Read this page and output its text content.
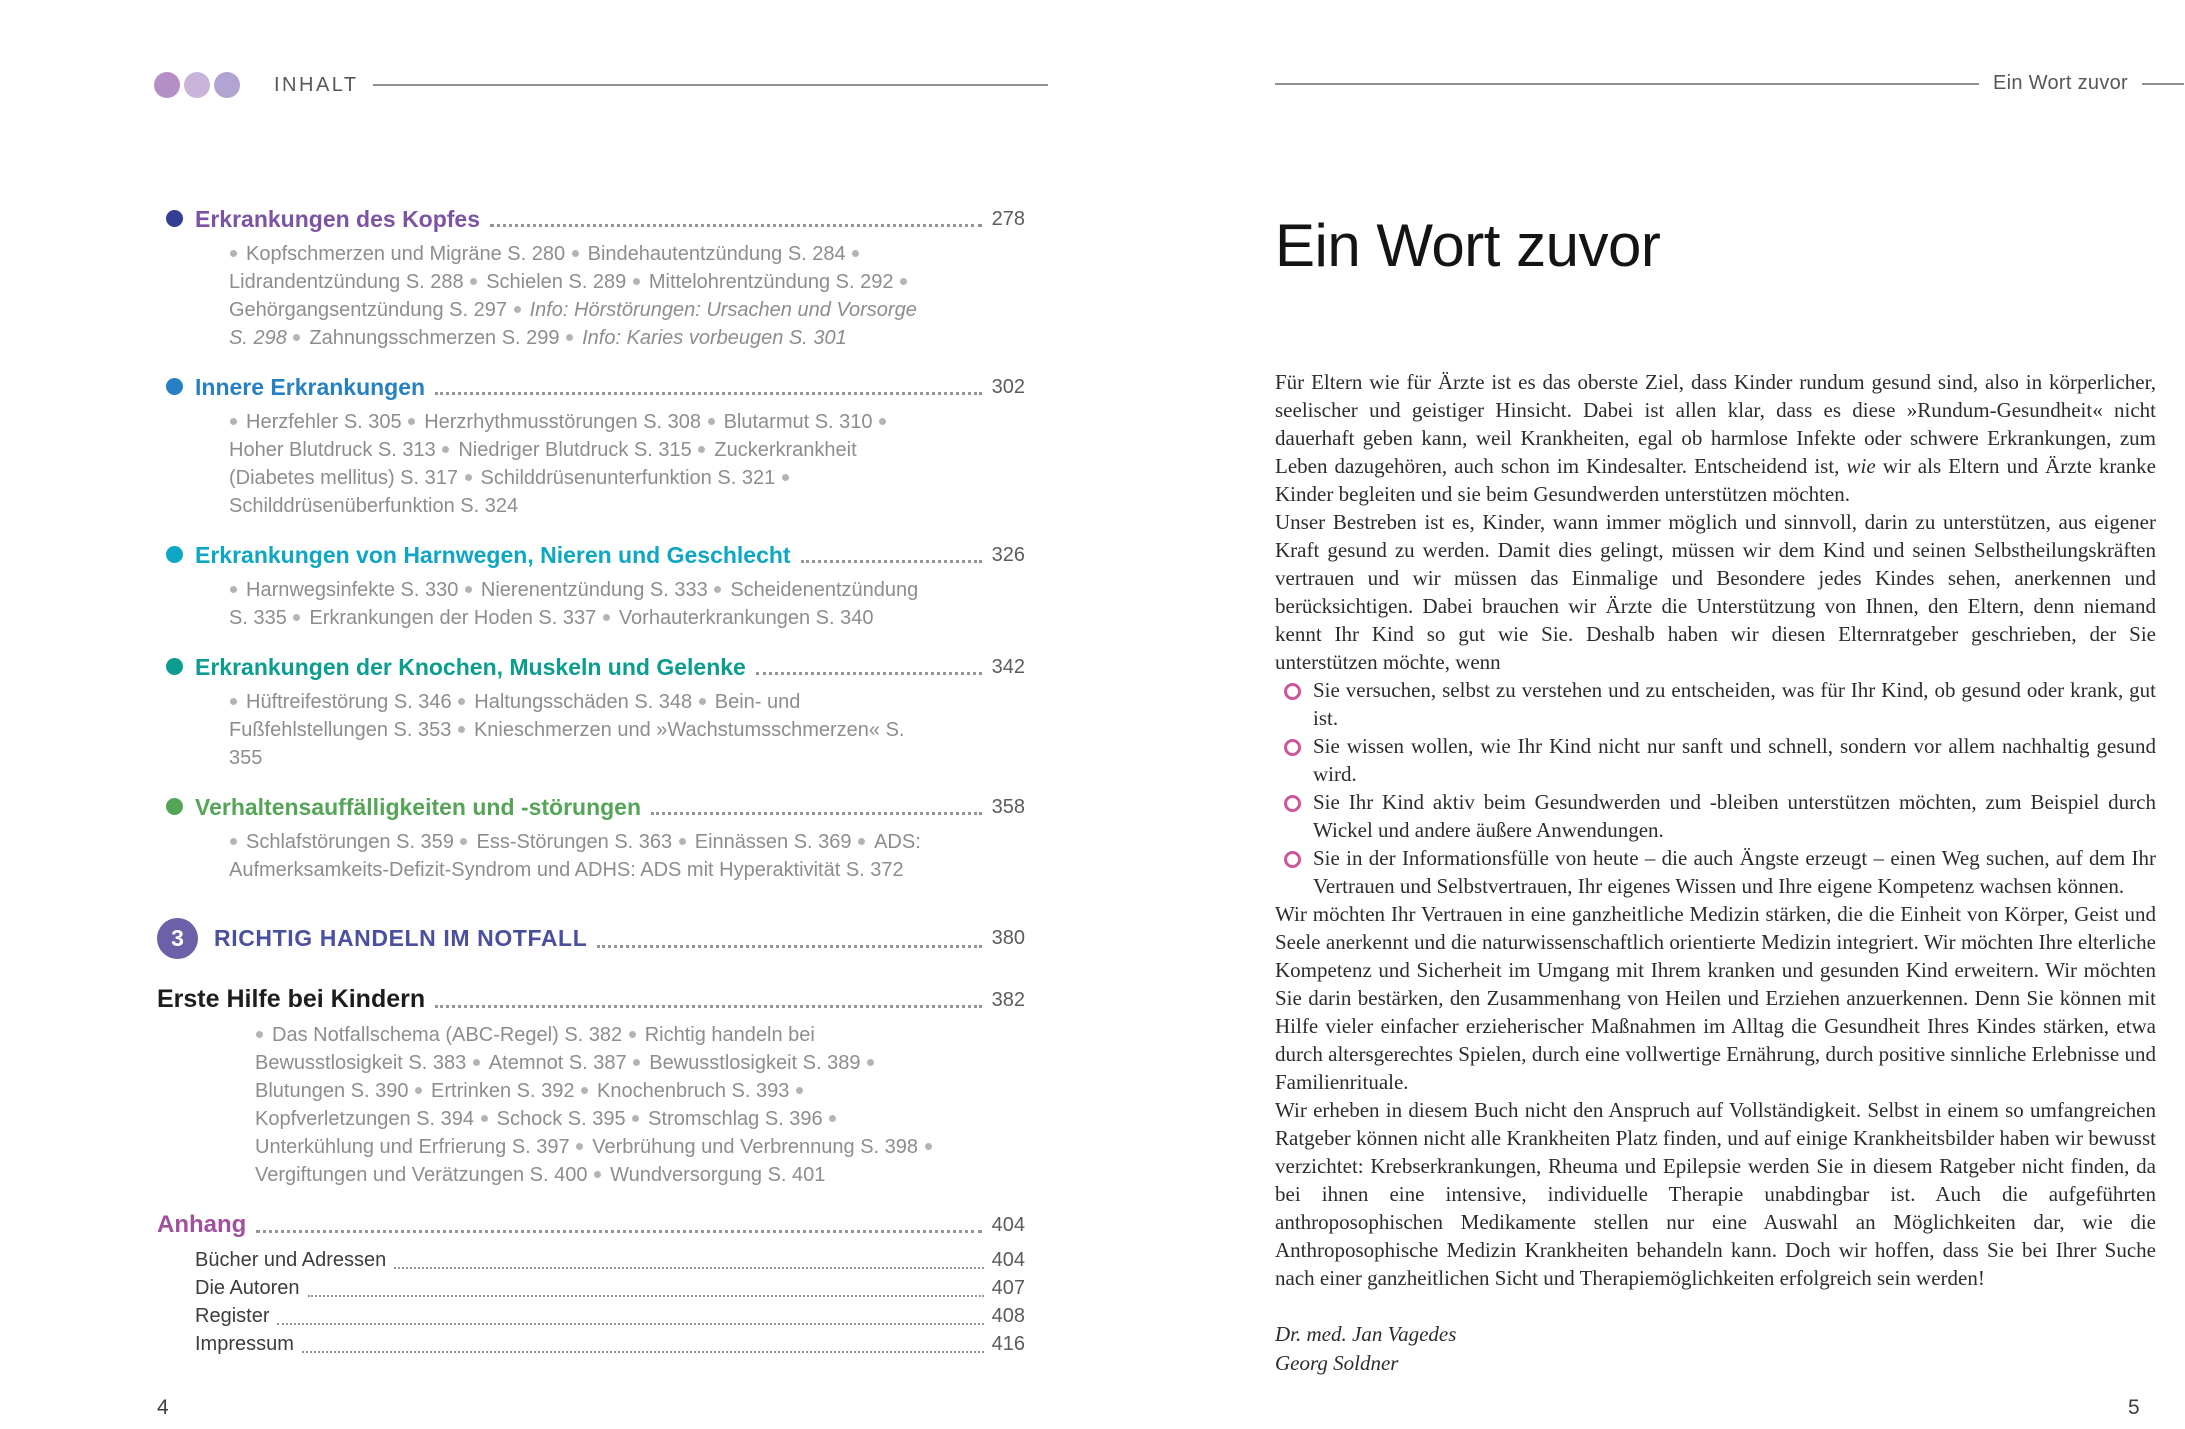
INHALT	Ein Wort zuvor
Erkrankungen des Kopfes	278

Kopfschmerzen und Migräne S. 280 Bindehautentzündung S. 284 Lidrandentzündung S. 288 Schielen S. 289 Mittelohrentzündung S. 292 Gehörgangsentzündung S. 297 Info: Hörstörungen: Ursachen und Vorsorge S. 298 Zahnungsschmerzen S. 299 Info: Karies vorbeugen S. 301

Innere Erkrankungen	302

Herzfehler S. 305 Herzrhythmusstörungen S. 308 Blutarmut S. 310 Hoher Blutdruck S. 313 Niedriger Blutdruck S. 315 Zuckerkrankheit (Diabetes mellitus) S. 317 Schilddrüsenunterfunktion S. 321 Schilddrüsenüberfunktion S. 324

Erkrankungen von Harnwegen, Nieren und Geschlecht	326

Harnwegsinfekte S. 330 Nierenentzündung S. 333 Scheidenentzündung S. 335 Erkrankungen der Hoden S. 337 Vorhauterkrankungen S. 340

Erkrankungen der Knochen, Muskeln und Gelenke	342

Hüftreifestörung S. 346 Haltungsschäden S. 348 Bein- und Fußfehlstellungen S. 353 Knieschmerzen und »Wachstumsschmerzen« S. 355

Verhaltensauffälligkeiten und -störungen	358

Schlafstörungen S. 359 Ess-Störungen S. 363 Einnässen S. 369 ADS: Aufmerksamkeits-Defizit-Syndrom und ADHS: ADS mit Hyperaktivität S. 372

3	RICHTIG HANDELN IM NOTFALL	380
Erste Hilfe bei Kindern	382

Das Notfallschema (ABC-Regel) S. 382 Richtig handeln bei Bewusstlosigkeit S. 383 Atemnot S. 387 Bewusstlosigkeit S. 389 Blutungen S. 390 Ertrinken S. 392 Knochenbruch S. 393 Kopfverletzungen S. 394 Schock S. 395 Stromschlag S. 396 Unterkühlung und Erfrierung S. 397 Verbrühung und Verbrennung S. 398 Vergiftungen und Verätzungen S. 400 Wundversorgung S. 401

Anhang	404
Bücher und Adressen	404
Die Autoren	407
Register	408
Impressum	416
Ein Wort zuvor

Für Eltern wie für Ärzte ist es das oberste Ziel, dass Kinder rundum gesund sind, also in körperlicher, seelischer und geistiger Hinsicht. Dabei ist allen klar, dass es diese »Rundum-Gesundheit« nicht dauerhaft geben kann, weil Krankheiten, egal ob harmlose Infekte oder schwere Erkrankungen, zum Leben dazugehören, auch schon im Kindesalter. Entscheidend ist, wie wir als Eltern und Ärzte kranke Kinder begleiten und sie beim Gesundwerden unterstützen möchten.

Unser Bestreben ist es, Kinder, wann immer möglich und sinnvoll, darin zu unterstützen, aus eigener Kraft gesund zu werden. Damit dies gelingt, müssen wir dem Kind und seinen Selbstheilungskräften vertrauen und wir müssen das Einmalige und Besondere jedes Kindes sehen, anerkennen und berücksichtigen. Dabei brauchen wir Ärzte die Unterstützung von Ihnen, den Eltern, denn niemand kennt Ihr Kind so gut wie Sie. Deshalb haben wir diesen Elternratgeber geschrieben, der Sie unterstützen möchte, wenn

Sie versuchen, selbst zu verstehen und zu entscheiden, was für Ihr Kind, ob gesund oder krank, gut ist.
Sie wissen wollen, wie Ihr Kind nicht nur sanft und schnell, sondern vor allem nachhaltig gesund wird.
Sie Ihr Kind aktiv beim Gesundwerden und -bleiben unterstützen möchten, zum Beispiel durch Wickel und andere äußere Anwendungen.
Sie in der Informationsfülle von heute – die auch Ängste erzeugt – einen Weg suchen, auf dem Ihr Vertrauen und Selbstvertrauen, Ihr eigenes Wissen und Ihre eigene Kompetenz wachsen können.

Wir möchten Ihr Vertrauen in eine ganzheitliche Medizin stärken, die die Einheit von Körper, Geist und Seele anerkennt und die naturwissenschaftlich orientierte Medizin integriert. Wir möchten Ihre elterliche Kompetenz und Sicherheit im Umgang mit Ihrem kranken und gesunden Kind erweitern. Wir möchten Sie darin bestärken, den Zusammenhang von Heilen und Erziehen anzuerkennen. Denn Sie können mit Hilfe vieler einfacher erzieherischer Maßnahmen im Alltag die Gesundheit Ihres Kindes stärken, etwa durch altersgerechtes Spielen, durch eine vollwertige Ernährung, durch positive sinnliche Erlebnisse und Familienrituale.

Wir erheben in diesem Buch nicht den Anspruch auf Vollständigkeit. Selbst in einem so umfangreichen Ratgeber können nicht alle Krankheiten Platz finden, und auf einige Krankheitsbilder haben wir bewusst verzichtet: Krebserkrankungen, Rheuma und Epilepsie werden Sie in diesem Ratgeber nicht finden, da bei ihnen eine intensive, individuelle Therapie unabdingbar ist. Auch die aufgeführten anthroposophischen Medikamente stellen nur eine Auswahl an Möglichkeiten dar, wie die Anthroposophische Medizin Krankheiten behandeln kann. Doch wir hoffen, dass Sie bei Ihrer Suche nach einer ganzheitlichen Sicht und Therapiemöglichkeiten erfolgreich sein werden!

Dr. med. Jan Vagedes
Georg Soldner
4	5
